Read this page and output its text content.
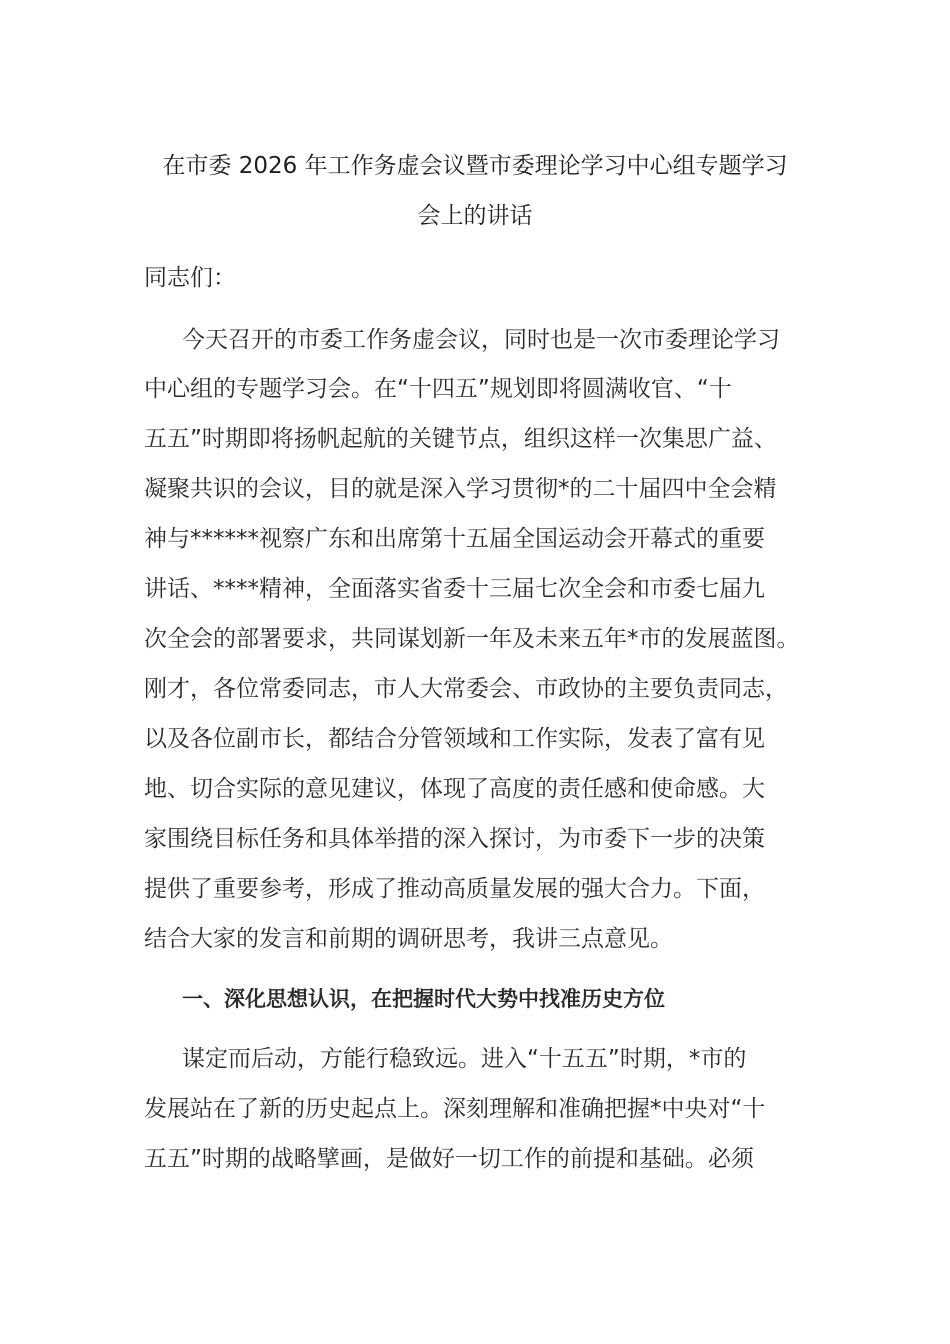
在市委 2026 年工作务虚会议暨市委理论学习中心组专题学习
会上的讲话
同志们：
今天召开的市委工作务虚会议，同时也是一次市委理论学习
中心组的专题学习会。在“十四五”规划即将圆满收官、“十
五五”时期即将扬帆起航的关键节点，组织这样一次集思广益、
凝聚共识的会议，目的就是深入学习贯彻*的二十届四中全会精
神与******视察广东和出席第十五届全国运动会开幕式的重要
讲话、****精神，全面落实省委十三届七次全会和市委七届九
次全会的部署要求，共同谋划新一年及未来五年*市的发展蓝图。
刚才，各位常委同志，市人大常委会、市政协的主要负责同志，
以及各位副市长，都结合分管领域和工作实际，发表了富有见
地、切合实际的意见建议，体现了高度的责任感和使命感。大
家围绕目标任务和具体举措的深入探讨，为市委下一步的决策
提供了重要参考，形成了推动高质量发展的强大合力。下面，
结合大家的发言和前期的调研思考，我讲三点意见。
一、深化思想认识，在把握时代大势中找准历史方位
谋定而后动，方能行稳致远。进入“十五五”时期，*市的
发展站在了新的历史起点上。深刻理解和准确把握*中央对“十
五五”时期的战略擘画，是做好一切工作的前提和基础。必须
